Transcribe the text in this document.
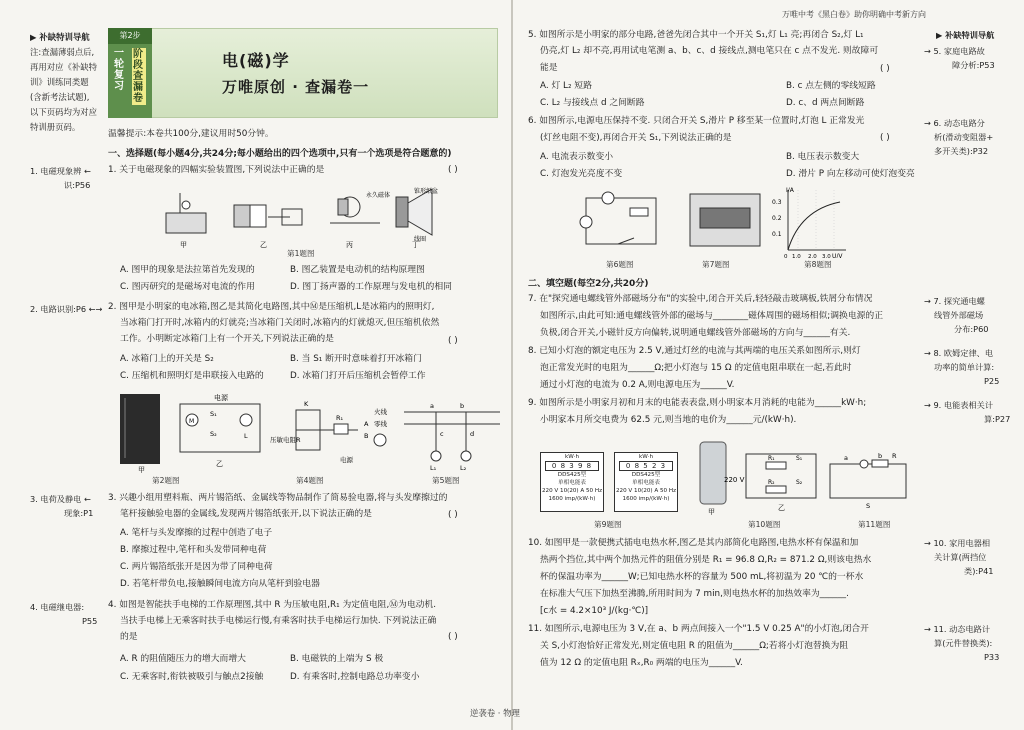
万唯中考《黑白卷》助你明确中考新方向
▶ 补缺特训导航
注:查漏薄弱点后,
再用对应《补缺特
训》训练同类题
(含新考法试题),
以下页码均为对应
特训册页码。
第2步
一轮复习
阶段查漏卷
电(磁)学
万唯原创 · 查漏卷一
温馨提示:本卷共100分,建议用时50分钟。
一、选择题(每小题4分,共24分;每小题给出的四个选项中,只有一个选项是符合题意的)
1. 电磁现象辨 ←
识:P56
1. 关于电磁现象的四幅实验装置图,下列说法中正确的是	( )
甲	乙	丙	丁
永久磁体
锥形纸盆
线圈
第1题图
A. 图甲的现象是法拉第首先发现的	B. 图乙装置是电动机的结构原理图
C. 图丙研究的是磁场对电流的作用	D. 图丁扬声器的工作原理与发电机的相同
2. 电路识别:P6 ←→ 2. 图甲是小明家的电冰箱,图乙是其简化电路图,其中Ⓜ是压缩机,L是冰箱内的照明灯,
当冰箱门打开时,冰箱内的灯就亮;当冰箱门关闭时,冰箱内的灯就熄灭,但压缩机依然
工作。小明断定冰箱门上有一个开关,下列说法正确的是	( )
A. 冰箱门上的开关是 S₂	B. 当 S₁ 断开时意味着打开冰箱门
C. 压缩机和照明灯是串联接入电路的	D. 冰箱门打开后压缩机会暂停工作
甲
乙
电源
压敏电阻R
电源
火线
零线
a	b
c	d
L₁	L₂
S₁
S₂
M
L
R₁
K
A
B
第2题图	第4题图	第5题图
3. 电荷及静电 ←
现象:P1
3. 兴趣小组用塑料瓶、两片锡箔纸、金属线等物品制作了简易验电器,将与头发摩擦过的
笔杆接触验电器的金属线,发现两片锡箔纸张开,以下说法正确的是	( )
A. 笔杆与头发摩擦的过程中创造了电子
B. 摩擦过程中,笔杆和头发带同种电荷
C. 两片锡箔纸张开是因为带了同种电荷
D. 若笔杆带负电,接触瞬间电流方向从笔杆到验电器
4. 电磁继电器:
P55
4. 如图是智能扶手电梯的工作原理图,其中 R 为压敏电阻,R₁ 为定值电阻,Ⓜ为电动机.
当扶手电梯上无乘客时扶手电梯运行慢,有乘客时扶手电梯运行加快. 下列说法正确
的是	( )
A. R 的阻值随压力的增大而增大	B. 电磁铁的上端为 S 极
C. 无乘客时,衔铁被吸引与触点2接触	D. 有乘客时,控制电路总功率变小
逆袭卷 · 物理
▶ 补缺特训导航
5. 如图所示是小明家的部分电路,爸爸先闭合其中一个开关 S₁,灯 L₁ 亮;再闭合 S₂,灯 L₁
仍亮,灯 L₂ 却不亮,再用试电笔测 a、b、c、d 接线点,测电笔只在 c 点不发光. 则故障可
能是	( )
→ 5. 家庭电路故
障分析:P53
A. 灯 L₂ 短路	B. c 点左侧的零线短路
C. L₂ 与接线点 d 之间断路	D. c、d 两点间断路
6. 如图所示,电源电压保持不变. 只闭合开关 S,滑片 P 移至某一位置时,灯泡 L 正常发光
(灯丝电阻不变),再闭合开关 S₁,下列说法正确的是	( )
→ 6. 动态电路分
析(滑动变阻器+
多开关类):P32
A. 电流表示数变小	B. 电压表示数变大
C. 灯泡发光亮度不变	D. 滑片 P 向左移动可使灯泡变亮
I/A
U/V
0.3
0.2
0.1
0 1.0 2.0 3.0
第6题图	第7题图	第8题图
二、填空题(每空2分,共20分)
7. 在"探究通电螺线管外部磁场分布"的实验中,闭合开关后,轻轻敲击玻璃板,铁屑分布情况
如图所示,由此可知:通电螺线管外部的磁场与________磁体周围的磁场相似;调换电源的正
负极,闭合开关,小磁针反方向偏转,说明通电螺线管外部磁场的方向与______有关.
→ 7. 探究通电螺
线管外部磁场
分布:P60
8. 已知小灯泡的额定电压为 2.5 V,通过灯丝的电流与其两端的电压关系如图所示,则灯
泡正常发光时的电阻为______Ω;把小灯泡与 15 Ω 的定值电阻串联在一起,若此时
通过小灯泡的电流为 0.2 A,则电源电压为______V.
→ 8. 欧姆定律、电
功率的简单计算:
P25
9. 如图所示是小明家月初和月末的电能表表盘,则小明家本月消耗的电能为______kW·h;
小明家本月所交电费为 62.5 元,则当地的电价为______元/(kW·h).
→ 9. 电能表相关计
算:P27
kW·h
0 8 3 9 8
DDS425型
单相电能表
220 V 10(20) A 50 Hz
1600 imp/(kW·h)
kW·h
0 8 5 2 3
DDS425型
单相电能表
220 V 10(20) A 50 Hz
1600 imp/(kW·h)
甲	乙
220 V
R₁
R₂
S₁
S₂
a	b
S
R
第9题图	第10题图	第11题图
10. 如图甲是一款便携式插电电热水杯,图乙是其内部简化电路图,电热水杯有保温和加
热两个挡位,其中两个加热元件的阻值分别是 R₁ = 96.8 Ω,R₂ = 871.2 Ω,则该电热水
杯的保温功率为______W;已知电热水杯的容量为 500 mL,将初温为 20 ℃的一杯水
在标准大气压下加热至沸腾,所用时间为 7 min,则电热水杯的加热效率为______.
[c水 = 4.2×10³ J/(kg·℃)]
→ 10. 家用电器相
关计算(两挡位
类):P41
11. 如图所示,电源电压为 3 V,在 a、b 两点间接入一个"1.5 V 0.25 A"的小灯泡,闭合开
关 S,小灯泡恰好正常发光,则定值电阻 R 的阻值为______Ω;若将小灯泡替换为阻
值为 12 Ω 的定值电阻 Rₓ,R₀ 两端的电压为______V.
→ 11. 动态电路计
算(元件替换类):
P33
